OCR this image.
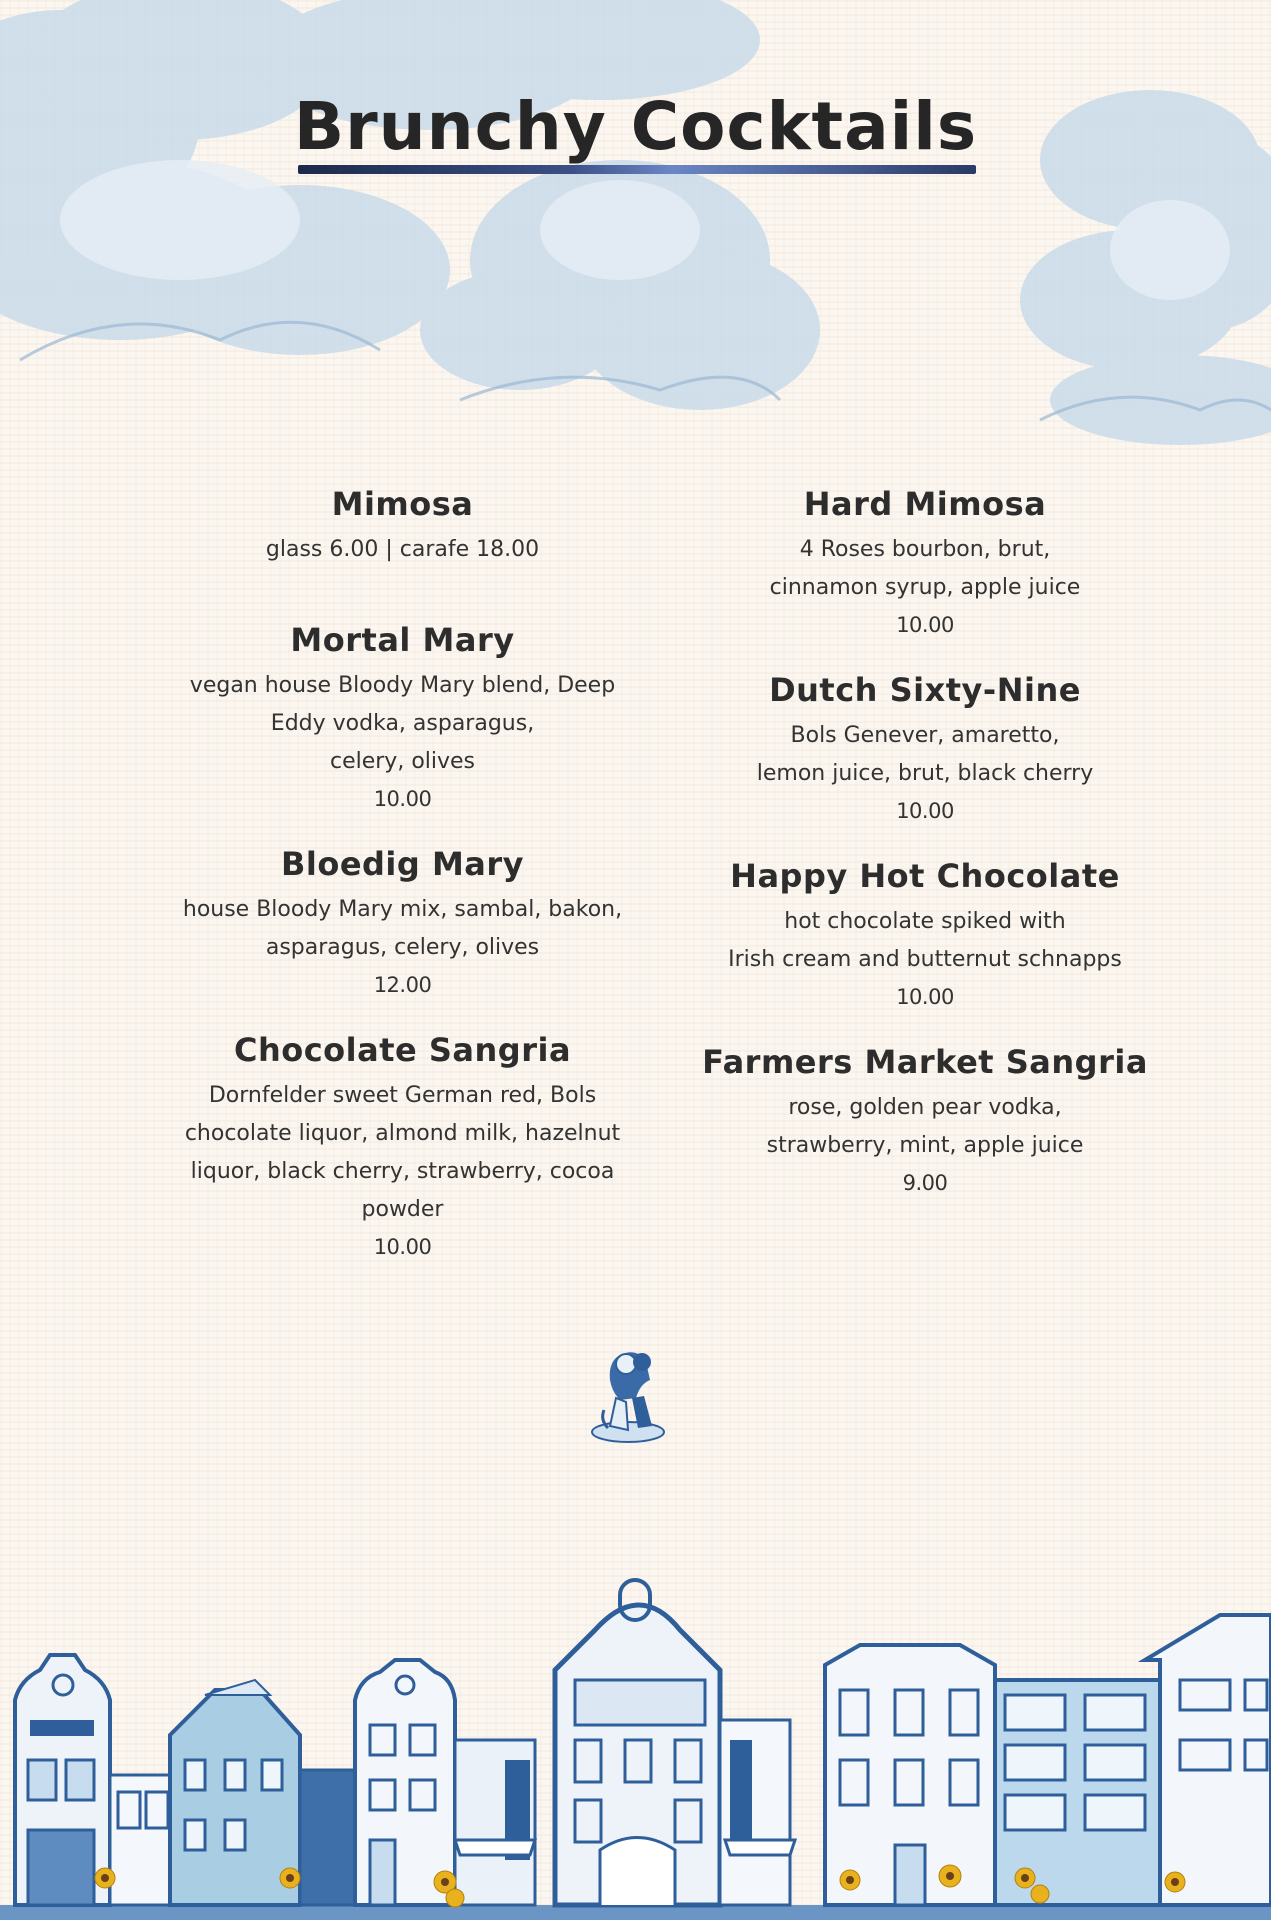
Brunchy Cocktails
Mimosa
glass 6.00 | carafe 18.00
Mortal Mary
vegan house Bloody Mary blend, Deep
Eddy vodka, asparagus,
celery, olives
10.00
Bloedig Mary
house Bloody Mary mix, sambal, bakon,
asparagus, celery, olives
12.00
Chocolate Sangria
Dornfelder sweet German red, Bols
chocolate liquor, almond milk, hazelnut
liquor, black cherry, strawberry, cocoa
powder
10.00
Hard Mimosa
4 Roses bourbon, brut,
cinnamon syrup, apple juice
10.00
Dutch Sixty-Nine
Bols Genever, amaretto,
lemon juice, brut, black cherry
10.00
Happy Hot Chocolate
hot chocolate spiked with
Irish cream and butternut schnapps
10.00
Farmers Market Sangria
rose, golden pear vodka,
strawberry, mint, apple juice
9.00
